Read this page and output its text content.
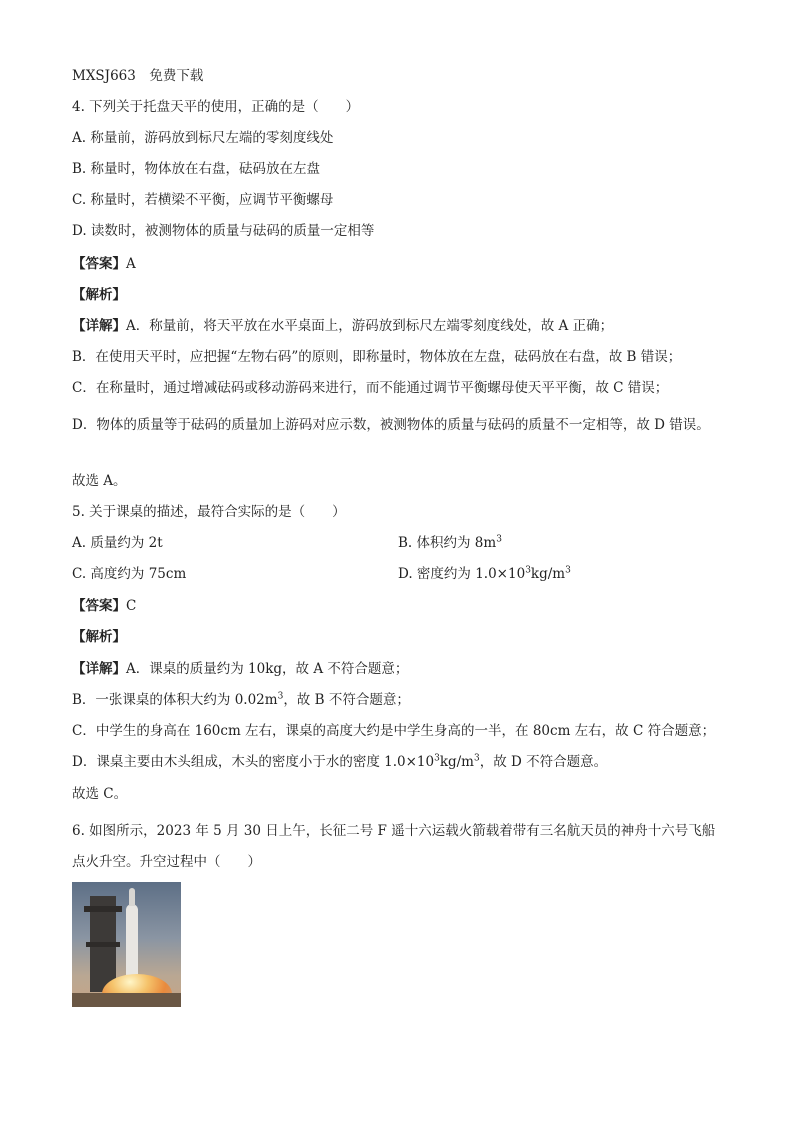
MXSJ663　免费下载
4. 下列关于托盘天平的使用，正确的是（　　）
A. 称量前，游码放到标尺左端的零刻度线处
B. 称量时，物体放在右盘，砝码放在左盘
C. 称量时，若横梁不平衡，应调节平衡螺母
D. 读数时，被测物体的质量与砝码的质量一定相等
【答案】A
【解析】
【详解】A．称量前，将天平放在水平桌面上，游码放到标尺左端零刻度线处，故 A 正确；
B．在使用天平时，应把握“左物右码”的原则，即称量时，物体放在左盘，砝码放在右盘，故 B 错误；
C．在称量时，通过增减砝码或移动游码来进行，而不能通过调节平衡螺母使天平平衡，故 C 错误；
D．物体的质量等于砝码的质量加上游码对应示数，被测物体的质量与砝码的质量不一定相等，故 D 错误。
故选 A。
5. 关于课桌的描述，最符合实际的是（　　）
A. 质量约为 2t	B. 体积约为 $8m^3$
C. 高度约为 75cm	D. 密度约为 $1.0\times 10^3kg/m^3$
【答案】C
【解析】
【详解】A．课桌的质量约为 10kg，故 A 不符合题意；
B．一张课桌的体积大约为 $0.02m^3$，故 B 不符合题意；
C．中学生的身高在 160cm 左右，课桌的高度大约是中学生身高的一半，在 80cm 左右，故 C 符合题意；
D．课桌主要由木头组成，木头的密度小于水的密度 $1.0\times 10^3kg/m^3$，故 D 不符合题意。
故选 C。
6. 如图所示，2023 年 5 月 30 日上午，长征二号 F 遥十六运载火箭载着带有三名航天员的神舟十六号飞船点火升空。升空过程中（　　）
